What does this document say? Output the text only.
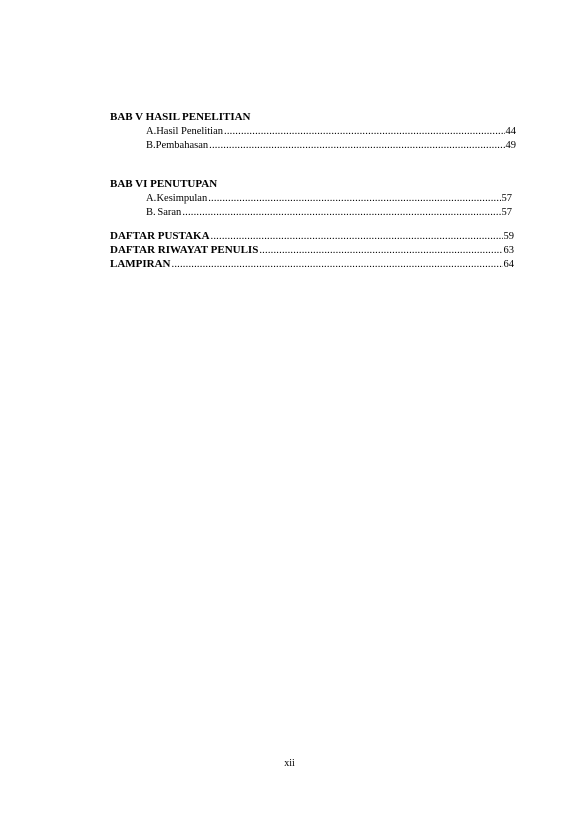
BAB V HASIL PENELITIAN
A. Hasil Penelitian .....	44
B. Pembahasan .....	49
BAB VI PENUTUPAN
A. Kesimpulan .....	57
B. Saran .....	57
DAFTAR PUSTAKA .....	59
DAFTAR RIWAYAT PENULIS .....	63
LAMPIRAN .....	64
xii
